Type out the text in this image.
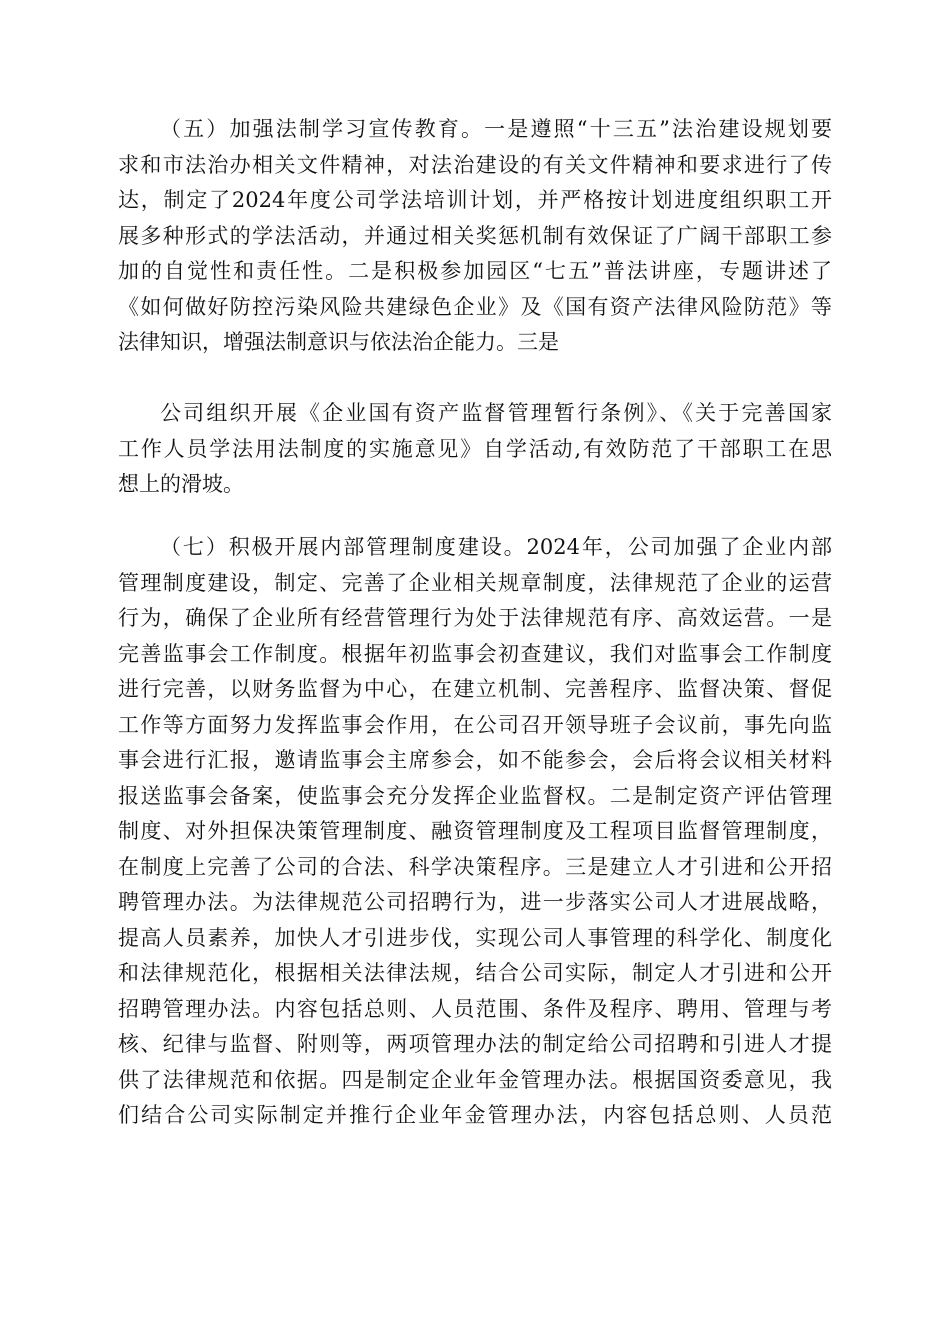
（五）加强法制学习宣传教育。一是遵照“十三五”法治建设规划要
求和市法治办相关文件精神，对法治建设的有关文件精神和要求进行了传
达，制定了2024年度公司学法培训计划，并严格按计划进度组织职工开
展多种形式的学法活动，并通过相关奖惩机制有效保证了广阔干部职工参
加的自觉性和责任性。二是积极参加园区“七五”普法讲座，专题讲述了
《如何做好防控污染风险共建绿色企业》及《国有资产法律风险防范》等
法律知识，增强法制意识与依法治企能力。三是
公司组织开展《企业国有资产监督管理暂行条例》、《关于完善国家
工作人员学法用法制度的实施意见》自学活动,有效防范了干部职工在思
想上的滑坡。
（七）积极开展内部管理制度建设。2024年，公司加强了企业内部
管理制度建设，制定、完善了企业相关规章制度，法律规范了企业的运营
行为，确保了企业所有经营管理行为处于法律规范有序、高效运营。一是
完善监事会工作制度。根据年初监事会初查建议，我们对监事会工作制度
进行完善，以财务监督为中心，在建立机制、完善程序、监督决策、督促
工作等方面努力发挥监事会作用，在公司召开领导班子会议前，事先向监
事会进行汇报，邀请监事会主席参会，如不能参会，会后将会议相关材料
报送监事会备案，使监事会充分发挥企业监督权。二是制定资产评估管理
制度、对外担保决策管理制度、融资管理制度及工程项目监督管理制度，
在制度上完善了公司的合法、科学决策程序。三是建立人才引进和公开招
聘管理办法。为法律规范公司招聘行为，进一步落实公司人才进展战略，
提高人员素养，加快人才引进步伐，实现公司人事管理的科学化、制度化
和法律规范化，根据相关法律法规，结合公司实际，制定人才引进和公开
招聘管理办法。内容包括总则、人员范围、条件及程序、聘用、管理与考
核、纪律与监督、附则等，两项管理办法的制定给公司招聘和引进人才提
供了法律规范和依据。四是制定企业年金管理办法。根据国资委意见，我
们结合公司实际制定并推行企业年金管理办法，内容包括总则、人员范
